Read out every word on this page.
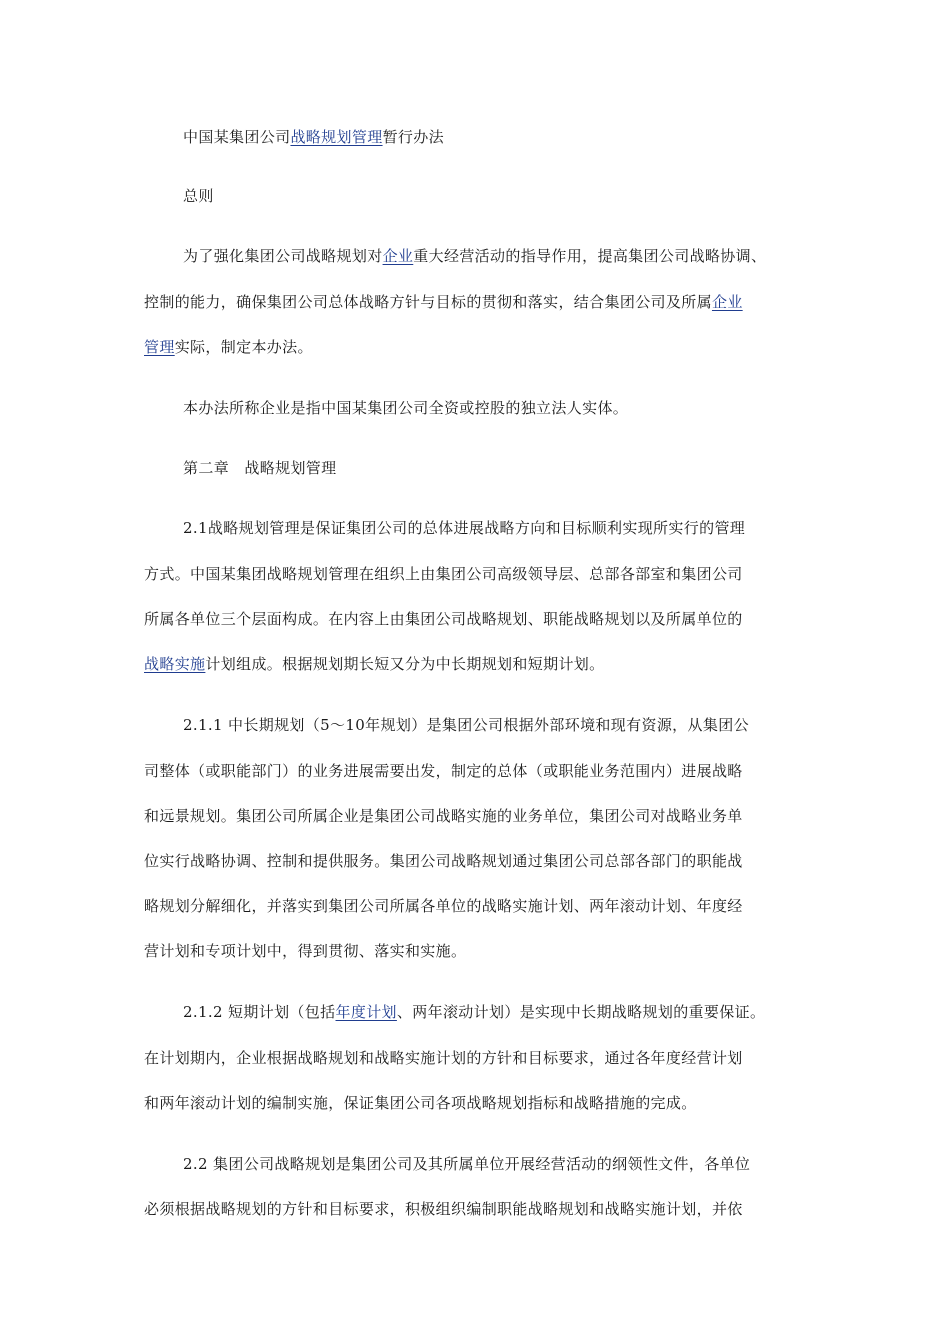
中国某集团公司战略规划管理暂行办法
总则
为了强化集团公司战略规划对企业重大经营活动的指导作用，提高集团公司战略协调、
控制的能力，确保集团公司总体战略方针与目标的贯彻和落实，结合集团公司及所属企业
管理实际，制定本办法。
本办法所称企业是指中国某集团公司全资或控股的独立法人实体。
第二章　战略规划管理
2.1战略规划管理是保证集团公司的总体进展战略方向和目标顺利实现所实行的管理
方式。中国某集团战略规划管理在组织上由集团公司高级领导层、总部各部室和集团公司
所属各单位三个层面构成。在内容上由集团公司战略规划、职能战略规划以及所属单位的
战略实施计划组成。根据规划期长短又分为中长期规划和短期计划。
2.1.1 中长期规划（5～10年规划）是集团公司根据外部环境和现有资源，从集团公
司整体（或职能部门）的业务进展需要出发，制定的总体（或职能业务范围内）进展战略
和远景规划。集团公司所属企业是集团公司战略实施的业务单位，集团公司对战略业务单
位实行战略协调、控制和提供服务。集团公司战略规划通过集团公司总部各部门的职能战
略规划分解细化，并落实到集团公司所属各单位的战略实施计划、两年滚动计划、年度经
营计划和专项计划中，得到贯彻、落实和实施。
2.1.2 短期计划（包括年度计划、两年滚动计划）是实现中长期战略规划的重要保证。
在计划期内，企业根据战略规划和战略实施计划的方针和目标要求，通过各年度经营计划
和两年滚动计划的编制实施，保证集团公司各项战略规划指标和战略措施的完成。
2.2 集团公司战略规划是集团公司及其所属单位开展经营活动的纲领性文件，各单位
必须根据战略规划的方针和目标要求，积极组织编制职能战略规划和战略实施计划，并依
